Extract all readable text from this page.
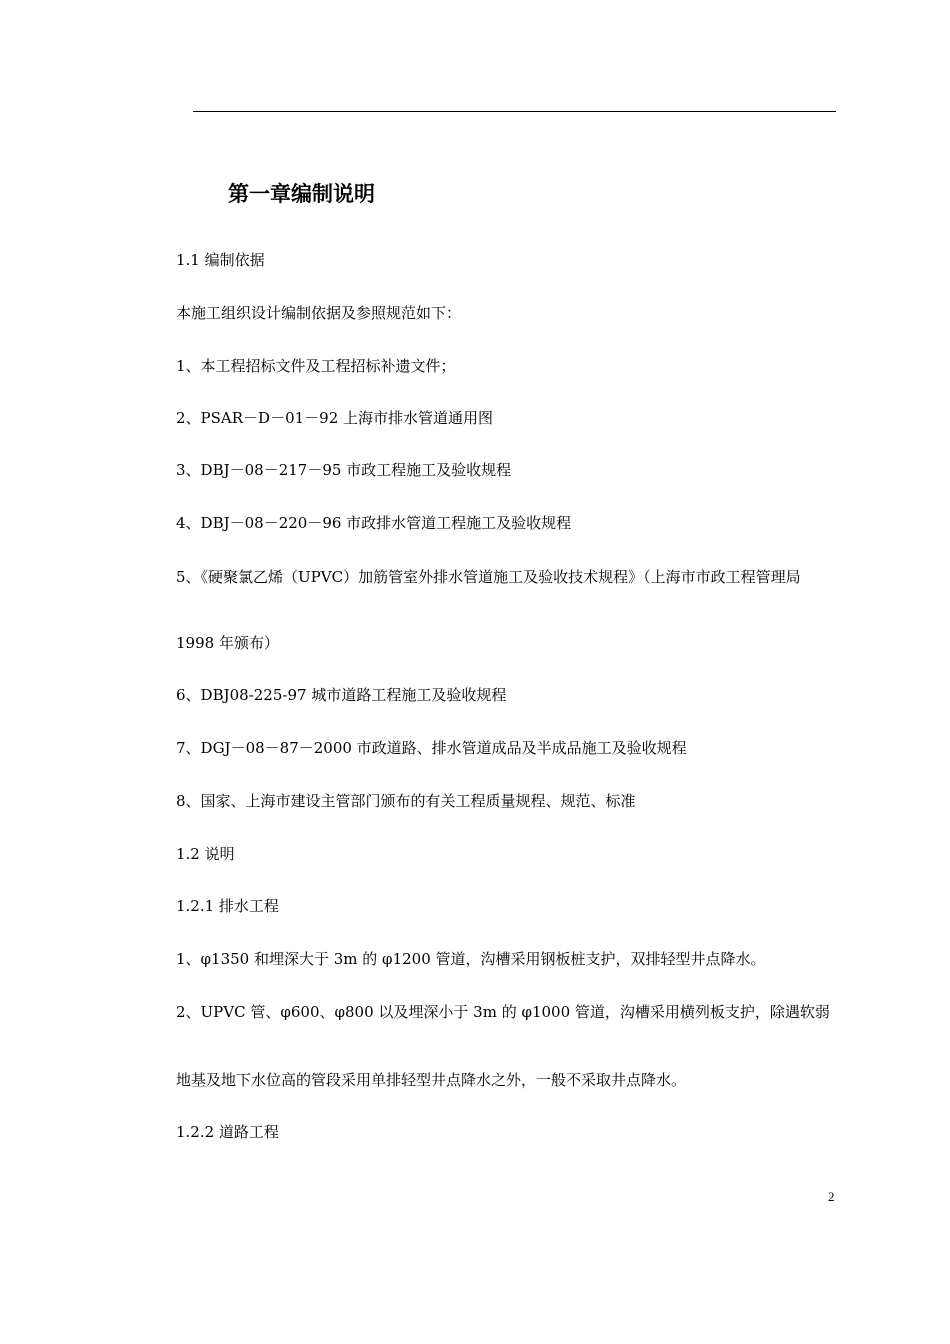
第一章编制说明
1.1 编制依据
本施工组织设计编制依据及参照规范如下：
1、本工程招标文件及工程招标补遗文件；
2、PSAR－D－01－92 上海市排水管道通用图
3、DBJ－08－217－95 市政工程施工及验收规程
4、DBJ－08－220－96 市政排水管道工程施工及验收规程
5、《硬聚氯乙烯（UPVC）加筋管室外排水管道施工及验收技术规程》（上海市市政工程管理局
1998 年颁布）
6、DBJ08-225-97 城市道路工程施工及验收规程
7、DGJ－08－87－2000 市政道路、排水管道成品及半成品施工及验收规程
8、国家、上海市建设主管部门颁布的有关工程质量规程、规范、标准
1.2 说明
1.2.1 排水工程
1、φ1350 和埋深大于 3m 的 φ1200 管道，沟槽采用钢板桩支护，双排轻型井点降水。
2、UPVC 管、φ600、φ800 以及埋深小于 3m 的 φ1000 管道，沟槽采用横列板支护，除遇软弱
地基及地下水位高的管段采用单排轻型井点降水之外，一般不采取井点降水。
1.2.2 道路工程
2
